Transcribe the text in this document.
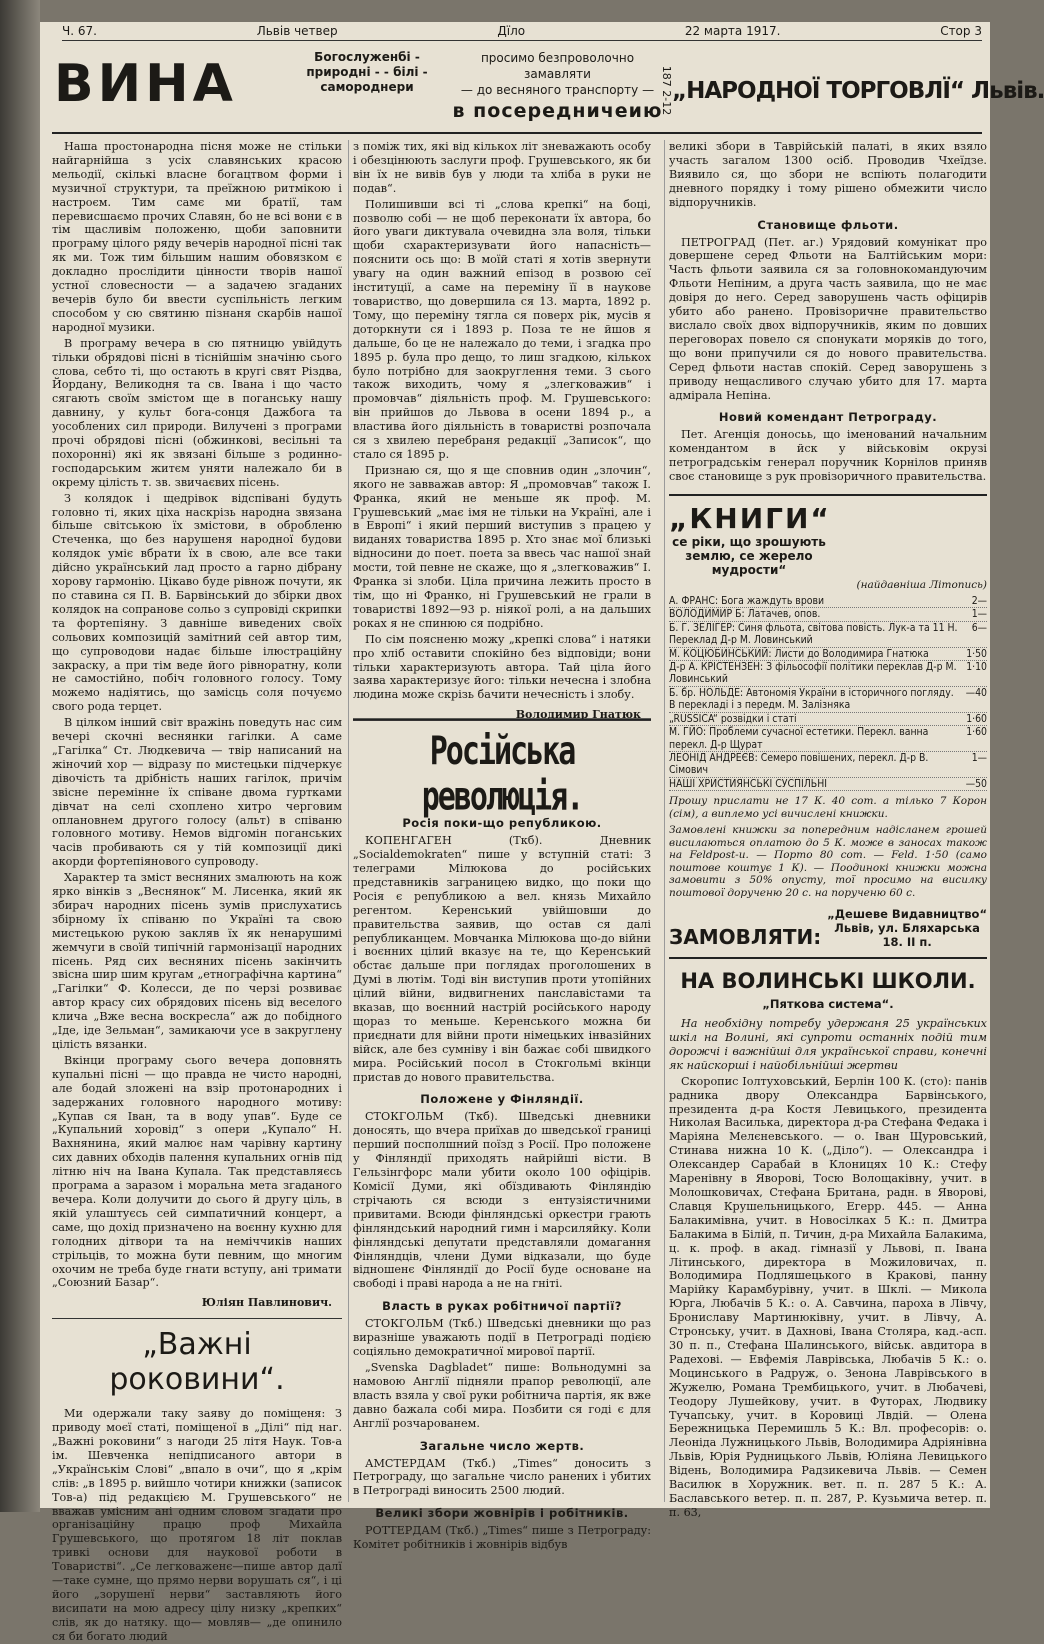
Ч. 67.	Львів четвер	Дїло	22 марта 1917.	Стор 3
ВИНА	Богослуженбі - природні - - білі - самороднери
просимо безпроволочно замавляти
— до весняного транспорту —
в посередничеию
187 2-12
„НАРОДНОЇ ТОРГОВЛЇ“ Львів.

Наша простонародна пісня може не стільки найгарнійша з усіх славянських красою мельодії, скількі власне богацтвом форми і музичної структури, та преїжною ритмікою і настроєм. Тим самє ми братії, там перевисшаємо прочих Славян, бо не всі вони є в тім щасливім положеню, щоби заповнити програму цілого ряду вечерів народної пісні так як ми. Тож тим більшим нашим обовязком є докладно прослідити цінности творів нашої устної словесности — а задачею згаданих вечерів було би ввести суспільність легким способом у сю святиню пізнаня скарбів нашої народної музики.

В програму вечера в сю пятницю увійдуть тільки обрядові пісні в тіснійшім значіню сього слова, себто ті, що остають в кругі свят Різдва, Йордану, Великодня та св. Івана і що часто сягають своїм змістом ще в поганську нашу давнину, у культ бога-сонця Дажбога та уособлених сил природи. Вилучені з програми прочі обрядові пісні (обжинкові, весільні та похоронні) які як звязані більше з родинно-господарським житєм уняти належало би в окрему цілість т. зв. звичаєвих пісень.

З колядок і щедрівок відспівані будуть головно ті, яких ціха наскрізь народна звязана більше світською їх змістови, в обробленю Стеченка, що без нарушеня народної будови колядок уміє вбрати їх в свою, але все таки дійсно український лад просто а гарно дібрану хорову гармонію. Цікаво буде рівнож почути, як по ставина ся П. В. Барвінський до збірки двох колядок на сопранове сольо з супровіді скрипки та фортепіяну. З давніше виведених своїх сольових композицій замітний сей автор тим, що супроводови надає більше ілюстраційну закраску, а при тім веде його рівноратну, коли не самостійно, побіч головного голосу. Тому можемо надіятись, що замісць соля почуємо свого рода терцет.

В цілком інший світ вражінь поведуть нас сим вечері скочні веснянки гагілки. А саме „Гагілка“ Ст. Людкевича — твір написаний на жіночий хор — відразу по мистецьки підчеркує дівочість та дрібність наших гагілок, причім звісне перемінне їх співане двома гуртками дівчат на селі схоплено хитро черговим оплановнем другого голосу (альт) в співаню головного мотиву. Немов відгомін поганських часів пробивають ся у тій композиції дикі акорди фортепіянового супроводу.

Характер та зміст весняних змалюють на кож ярко вінків з „Веснянок“ М. Лисенка, який як збирач народних пісень зумів прислухатись збірному їх співаню по Україні та свою мистецькою рукою закляв їх як ненарушимі жемчуги в своїй типічній гармонізації народних пісень. Ряд сих весняних пісень закінчить звісна шир шим кругам „етнографічна картина“ „Гагілки“ Ф. Колесси, де по черзі розвиває автор красу сих обрядових пісень від веселого клича „Вже весна воскресла“ аж до побідного „Іде, іде Зельман“, замикаючи усе в закруглену цілість вязанки.

Вкінци програму сього вечера доповнять купальні пісні — що правда не чисто народні, але бодай зложені на взір протонародних і задержаних головного народного мотиву: „Купав ся Іван, та в воду упав“. Буде се „Купальний хоровід“ з опери „Купало“ Н. Вахнянина, який малює нам чарівну картину сих давних обходів палення купальних огнів під літню ніч на Івана Купала. Так представляєсь програма а заразом і моральна мета згаданого вечера. Коли долучити до сього й другу ціль, в якій улаштуєсь сей симпатичний концерт, а саме, що дохід призначено на воєнну кухню для голодних дітвори та на неміччиків наших стрільців, то можна бути певним, що многим охочим не треба буде гнати вступу, ані тримати „Союзний Базар“.

Юліян Павлинович.

„Важні роковини“.

Ми одержали таку заяву до поміщеня: З приводу моєї статі, поміщеної в „Ділі“ під наг. „Важні роковини“ з нагоди 25 літя Наук. Тов-а ім. Шевченка непідписаного автори в „Українськім Слові“ „впало в очи“, що я „крім слів: „в 1895 р. вийшло чотири книжки (записок Тов-а) під редакцією М. Грушевського“ не вважав умісним ані одним словом згадати про організаційну працю проф Михайла Грушевського, що протягом 18 літ поклав тривкі основи для наукової роботи в Товаристві“. „Се легковаженє—пише автор далї—таке сумне, що прямо нерви ворушать ся“, і ці його „зорушенї нерви“ заставляють його висипати на мою адресу цілу низку „крепких“ слів, як до натяку. що— мовляв— „де опинило ся би богато людий

з поміж тих, які від кількох літ зневажають особу і обезцінюють заслуги проф. Грушевського, як би він їх не вивів був у люди та хліба в руки не подав“.

Полишивши всі ті „слова крепкі“ на боці, позволю собі — не щоб переконати їх автора, бо його уваги диктувала очевидна зла воля, тільки щоби схарактеризувати його напасність— пояснити ось що: В моїй статі я хотів звернути увагу на один важний епізод в розвою сеї інституції, а саме на переміну її в наукове товариство, що довершила ся 13. марта, 1892 р. Тому, що переміну тягла ся поверх рік, мусів я доторкнути ся і 1893 р. Поза те не йшов я дальше, бо це не належало до теми, і згадка про 1895 р. була про дещо, то лиш згадкою, кількох було потрібно для заокруглення теми. З сього також виходить, чому я „злегковажив“ і промовчав“ діяльність проф. М. Грушевського: він прийшов до Львова в осени 1894 р., а властива його діяльність в товаристві розпочала ся з хвилею перебраня редакції „Записок“, що стало ся 1895 р.

Признаю ся, що я ще сповнив один „злочин“, якого не завважав автор: Я „промовчав“ також І. Франка, який не меньше як проф. М. Грушевський „має імя не тільки на Україні, але і в Европі“ і який перший виступив з працею у виданях товариства 1895 р. Хто знає мої близькі відносини до поет. поета за ввесь час нашої знай мости, той певне не скаже, що я „злегковажив“ І. Франка зі злоби. Ціла причина лежить просто в тім, що ні Франко, ні Грушевський не грали в товаристві 1892—93 р. ніякої ролі, а на дальших роках я не спинюю ся подрібно.

По сім поясненю можу „крепкі слова“ і натяки про хліб оставити спокійно без відповіди; вони тільки характеризують автора. Тай ціла його заява характеризує його: тільки нечесна і злобна людина може скрізь бачити нечесність і злобу.

Володимир Гнатюк

Російська революція.
Росія поки-що републикою.

КОПЕНГАГЕН (Ткб). Дневник „Socialdemokraten“ пише у вступній статі: З телеграми Мілюкова до російських представників заграницею видко, що поки що Росія є републикою а вел. князь Михайло регентом. Керенський увійшовши до правительства заявив, що остав ся далі републиканцем. Мовчанка Мілюкова що-до війни і воєнних цілий вказує на те, що Керенський обстає дальше при поглядах проголошених в Думі в лютім. Тоді він виступив проти утопійних цілий війни, видвигнених панславістами та вказав, що воєнний настрій російського народу щораз то меньше. Керенського можна би приєднати для війни проти німецьких інвазійних війск, але без сумніву і він бажає собі швидкого мира. Російський посол в Стокгольмі вкінци пристав до нового правительства.

Положене у Фінляндії.

СТОКГОЛЬМ (Ткб). Шведські дневники доносять, що вчера приїхав до шведської границі перший посполшний поїзд з Росії. Про положене у Фінляндії приходять найрійші вісти. В Гельзінгфорс мали убити около 100 офіцірів. Комісії Думи, які обїздивають Фінляндію стрічають ся всюди з ентузіястичними привитами. Всюди фінляндські оркестри грають фінляндський народний гимн і марсиляйку. Коли фінляндські депутати представляли домагання Фінляндців, члени Думи відказали, що буде відношенє Фінляндії до Росії буде основане на свободі і праві народа а не на гніті.

Власть в руках робітничої партії?

СТОКГОЛЬМ (Ткб.) Шведські дневники що раз виразніше уважають події в Петрограді подією соціяльно демократичної мирової партії.

„Svenska Dagbladet“ пише: Вольнодумні за намовою Англії підняли прапор революції, але власть взяла у свої руки робітнича партія, як вже давно бажала собі мира. Позбити ся годі є для Англії розчарованем.

Загальне число жертв.

АМСТЕРДАМ (Ткб.) „Times“ доносить з Петрограду, що загальне число ранених і убитих в Петрограді виносить 2500 людий.

Великі збори жовнірів і робітників.

РОТТЕРДАМ (Ткб.) „Times“ пише з Петрограду: Комітет робітників і жовнірів відбув

великі збори в Таврійській палаті, в яких взяло участь загалом 1300 осіб. Проводив Чхеїдзе. Виявило ся, що збори не вспіють полагодити дневного порядку і тому рішено обмежити число відпоручників.

Становище фльоти.

ПЕТРОГРАД (Пет. аг.) Урядовий комунікат про довершене серед Фльоти на Балтійським мори: Часть фльоти заявила ся за головнокомандуючим Фльоти Непіним, а друга часть заявила, що не має довіря до него. Серед заворушень часть офіцирів убито або ранено. Провізоричне правительство вислало своїх двох відпоручників, яким по довших переговорах повело ся спонукати моряків до того, що вони припучили ся до нового правительства. Серед фльоти настав спокій. Серед заворушень з приводу нещасливого случаю убито для 17. марта адмірала Непіна.

Новий комендант Петрограду.

Пет. Агенція доносьь, що іменований начальним комендантом в йск у військовім окрузі петроградськім генерал поручник Корнілов приняв своє становище з рук провізоричного правительства.

„КНИГИ“ се ріки, що зрошують землю, се жерело мудрости“
(найдавніша Літопись)
А. ФРАНС: Бога жаждуть врови	2—
ВОЛОДИМИР Б: Латачев, опов.	1—
Б. Г. ЗЕЛІГЕР: Синя фльота, світова повість. Лук-а та 11 Н. Переклад Д-р М. Ловинський
6—
М. КОЦЮБИНСЬКИЙ: Листи до Володимира Гнатюка	1·50
Д-р А. КРІСТЕНЗЕН: З фільософії політики переклав Д-р М. Ловинський
1·10
Б. бр. НОЛЬДЕ: Автономія України в історичного погляду. В перекладі і з передм. М. Залізняка
—40
„RUSSICA“ розвідки і статі	1·60
М. ГЙО: Проблеми сучасної естетики. Перекл. ванна перекл. Д-р Щурат
1·60
ЛЕОНІД АНДРЕЄВ: Семеро повішених, перекл. Д-р В. Сімович
1—
НАШІ ХРИСТИЯНСЬКІ СУСПІЛЬНІ	—50

Прошу прислати не 17 К. 40 сот. а тілько 7 Корон (сім), а виплемо усі вичислені книжки.

Замовлені книжки за попередним надісланем грошей висилаються оплатою до 5 К. може в заносах також на Feldpost-u. — Порто 80 сот. — Feld. 1·50 (само поштове коштує 1 К). — Поодинокі книжки можна замовити з 50% опусту, тої просимо на висилку поштової дорученю 20 с. на порученю 60 с.

ЗАМОВЛЯТИ:
„Дешеве Видавництво“ Львів, ул. Бляхарська 18. II п.
НА ВОЛИНСЬКІ ШКОЛИ.
„Пяткова система“.

На необхідну потребу удержаня 25 українських шкіл на Волині, які супроти останніх подій тим дорожчі і важнійші для української справи, конечні як найскорші і найобільнійші жертви

Скоропис Іолтуховський, Берлін 100 К. (сто): панів радника двору Олександра Барвінського, президента д-ра Костя Левицького, президента Николая Василька, директора д-ра Стефана Федака і Маріяна Мелєневського. — о. Іван Щуровський, Стинава нижна 10 К. („Діло“). — Олександра і Олександер Сарабай в Клоницях 10 К.: Стефу Маренівну в Яворові, Тосю Волощаківну, учит. в Молошковичах, Стефана Британа, радн. в Яворові, Славця Крушельницького, Егерр. 445. — Анна Балакимівна, учит. в Новосілках 5 К.: п. Дмитра Балакима в Білій, п. Тичин, д-ра Михайла Балакима, ц. к. проф. в акад. гімназії у Львові, п. Івана Літинського, директора в Можиловичах, п. Володимира Подляшецького в Кракові, панну Марійку Карамбурівну, учит. в Шклі. — Микола Юрга, Любачів 5 К.: о. А. Савчина, пароха в Лівчу, Брониславу Мартинюківну, учит. в Лівчу, А. Стронську, учит. в Дахнові, Івана Столяра, кад.-асп. 30 п. п., Стефана Шалинського, військ. авдитора в Радехові. — Евфемія Лаврівська, Любачів 5 К.: о. Моцинського в Радруж, о. Зенона Лаврівського в Жужелю, Романа Трембицького, учит. в Любачеві, Теодору Лушейкову, учит. в Футорах, Людвику Тучапську, учит. в Коровиці Лвдій. — Олена Бережницька Перемишль 5 К.: Вл. професорів: о. Леоніда Лужницького Львів, Володимира Адріянівна Львів, Юрія Рудницького Львів, Юліяна Левицького Відень, Володимира Радзикевича Львів. — Семен Василюк в Хоружник. вет. п. п. 287 5 К.: А. Баславського ветер. п. п. 287, Р. Кузьмича ветер. п. п. 63,
